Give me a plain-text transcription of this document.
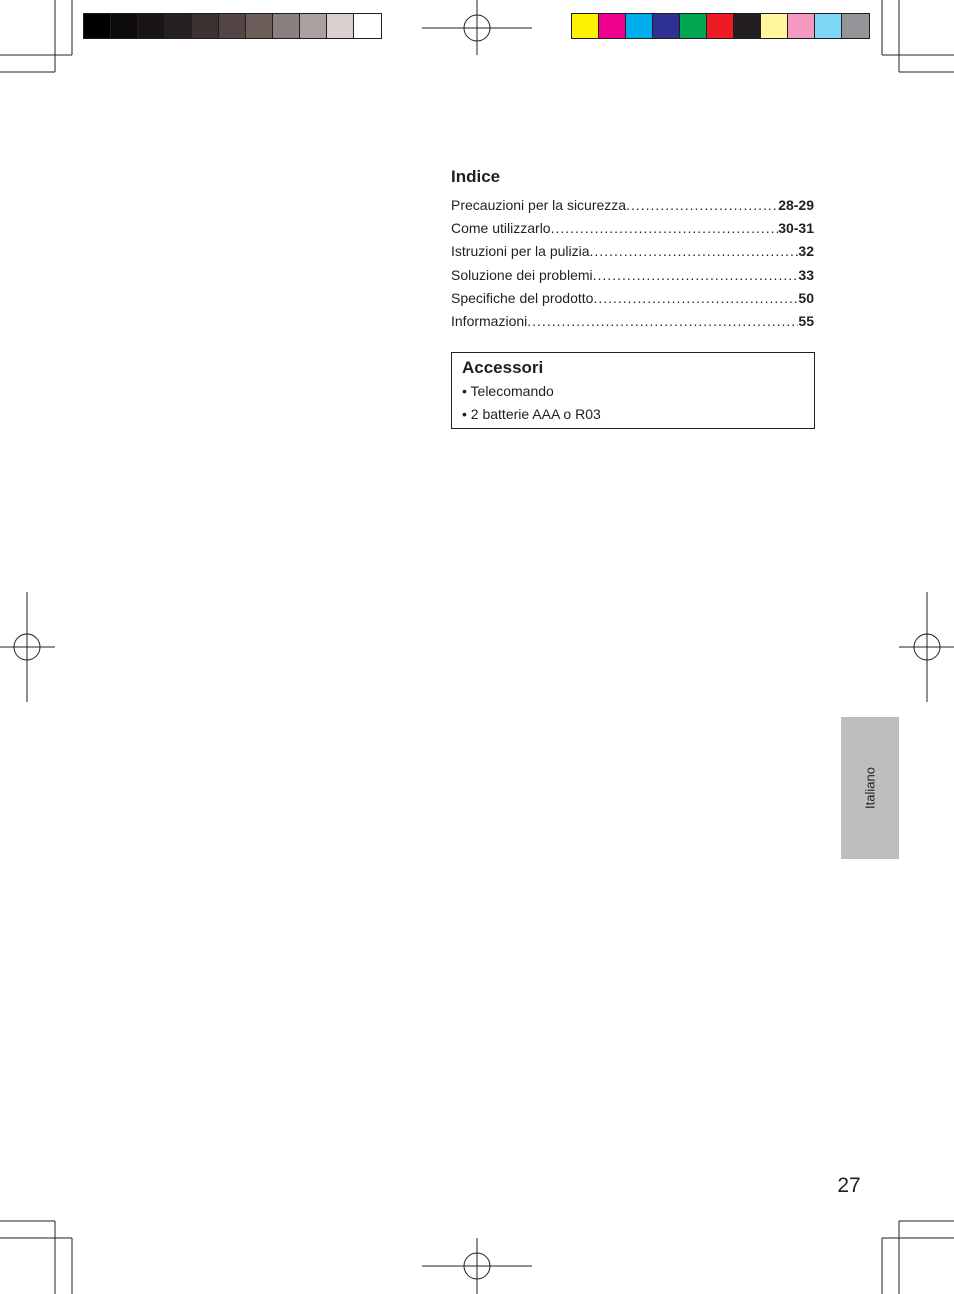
Indice
Precauzioni per la sicurezza .....	28-29
Come utilizzarlo .....	30-31
Istruzioni per la pulizia .....	32
Soluzione dei problemi .....	33
Specifiche del prodotto .....	50
Informazioni .....	55
Accessori
• Telecomando
• 2 batterie AAA o R03
Italiano
27
